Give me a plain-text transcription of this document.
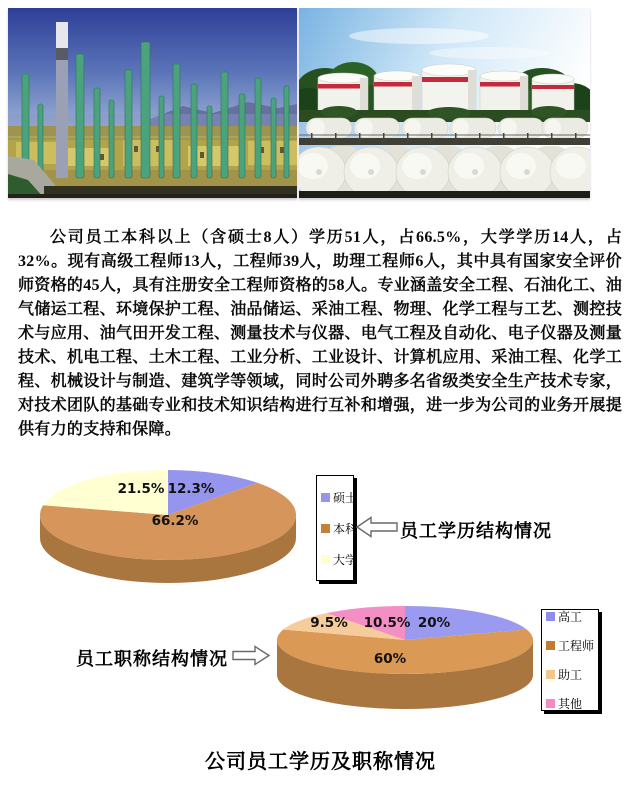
公司员工本科以上（含硕士8人）学历51人，占66.5%，大学学历14人，占32%。现有高级工程师13人，工程师39人，助理工程师6人，其中具有国家安全评价师资格的45人，具有注册安全工程师资格的58人。专业涵盖安全工程、石油化工、油气储运工程、环境保护工程、油品储运、采油工程、物理、化学工程与工艺、测控技术与应用、油气田开发工程、测量技术与仪器、电气工程及自动化、电子仪器及测量技术、机电工程、土木工程、工业分析、工业设计、计算机应用、采油工程、化学工程、机械设计与制造、建筑学等领域，同时公司外聘多名省级类安全生产技术专家，对技术团队的基础专业和技术知识结构进行互补和增强，进一步为公司的业务开展提供有力的支持和保障。
12.3%
66.2%
21.5%
硕士
本科
大学
员工学历结构情况
员工职称结构情况
20%
60%
9.5% 10.5%	高工
工程师
助工
其他
公司员工学历及职称情况
